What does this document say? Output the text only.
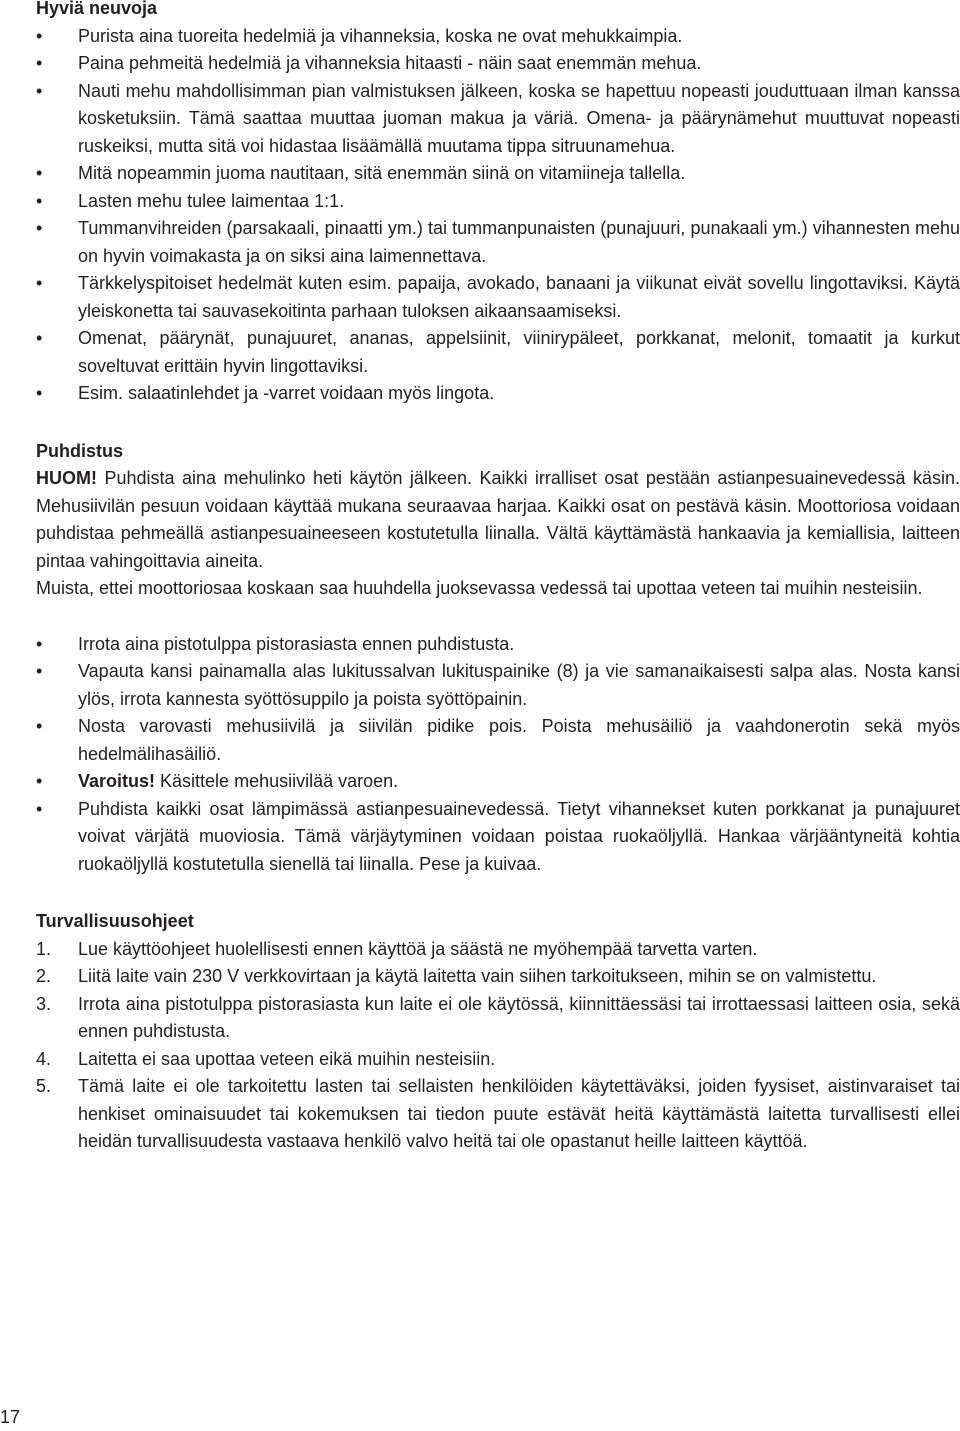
Hyviä neuvoja
• Purista aina tuoreita hedelmiä ja vihanneksia, koska ne ovat mehukkaimpia.
• Paina pehmeitä hedelmiä ja vihanneksia hitaasti - näin saat enemmän mehua.
• Nauti mehu mahdollisimman pian valmistuksen jälkeen, koska se hapettuu nopeasti jouduttuaan ilman kanssa kosketuksiin. Tämä saattaa muuttaa juoman makua ja väriä. Omena- ja päärynämehut muuttuvat nopeasti ruskeiksi, mutta sitä voi hidastaa lisäämällä muutama tippa sitruunamehua.
• Mitä nopeammin juoma nautitaan, sitä enemmän siinä on vitamiineja tallella.
• Lasten mehu tulee laimentaa 1:1.
• Tummanvihreiden (parsakaali, pinaatti ym.) tai tummanpunaisten (punajuuri, punakaali ym.) vihannesten mehu on hyvin voimakasta ja on siksi aina laimennettava.
• Tärkkelyspitoiset hedelmät kuten esim. papaija, avokado, banaani ja viikunat eivät sovellu lingottaviksi. Käytä yleiskonetta tai sauvasekoitinta parhaan tuloksen aikaansaamiseksi.
• Omenat, päärynät, punajuuret, ananas, appelsiinit, viinirypäleet, porkkanat, melonit, tomaatit ja kurkut soveltuvat erittäin hyvin lingottaviksi.
• Esim. salaatinlehdet ja -varret voidaan myös lingota.
Puhdistus

HUOM! Puhdista aina mehulinko heti käytön jälkeen. Kaikki irralliset osat pestään astianpesuainevedessä käsin. Mehusiivilän pesuun voidaan käyttää mukana seuraavaa harjaa. Kaikki osat on pestävä käsin. Moottoriosa voidaan puhdistaa pehmeällä astianpesuaineeseen kostutetulla liinalla. Vältä käyttämästä hankaavia ja kemiallisia, laitteen pintaa vahingoittavia aineita.

Muista, ettei moottoriosaa koskaan saa huuhdella juoksevassa vedessä tai upottaa veteen tai muihin nesteisiin.

• Irrota aina pistotulppa pistorasiasta ennen puhdistusta.
• Vapauta kansi painamalla alas lukitussalvan lukituspainike (8) ja vie samanaikaisesti salpa alas. Nosta kansi ylös, irrota kannesta syöttösuppilo ja poista syöttöpainin.
• Nosta varovasti mehusiivilä ja siivilän pidike pois. Poista mehusäiliö ja vaahdonerotin sekä myös hedelmälihasäiliö.
• Varoitus! Käsittele mehusiivilää varoen.
• Puhdista kaikki osat lämpimässä astianpesuainevedessä. Tietyt vihannekset kuten porkkanat ja punajuuret voivat värjätä muoviosia. Tämä värjäytyminen voidaan poistaa ruokaöljyllä. Hankaa värjääntyneitä kohtia ruokaöljyllä kostutetulla sienellä tai liinalla. Pese ja kuivaa.
Turvallisuusohjeet
1. Lue käyttöohjeet huolellisesti ennen käyttöä ja säästä ne myöhempää tarvetta varten.
2. Liitä laite vain 230 V verkkovirtaan ja käytä laitetta vain siihen tarkoitukseen, mihin se on valmistettu.
3. Irrota aina pistotulppa pistorasiasta kun laite ei ole käytössä, kiinnittäessäsi tai irrottaessasi laitteen osia, sekä ennen puhdistusta.
4. Laitetta ei saa upottaa veteen eikä muihin nesteisiin.
5. Tämä laite ei ole tarkoitettu lasten tai sellaisten henkilöiden käytettäväksi, joiden fyysiset, aistinvaraiset tai henkiset ominaisuudet tai kokemuksen tai tiedon puute estävät heitä käyttämästä laitetta turvallisesti ellei heidän turvallisuudesta vastaava henkilö valvo heitä tai ole opastanut heille laitteen käyttöä.
17
